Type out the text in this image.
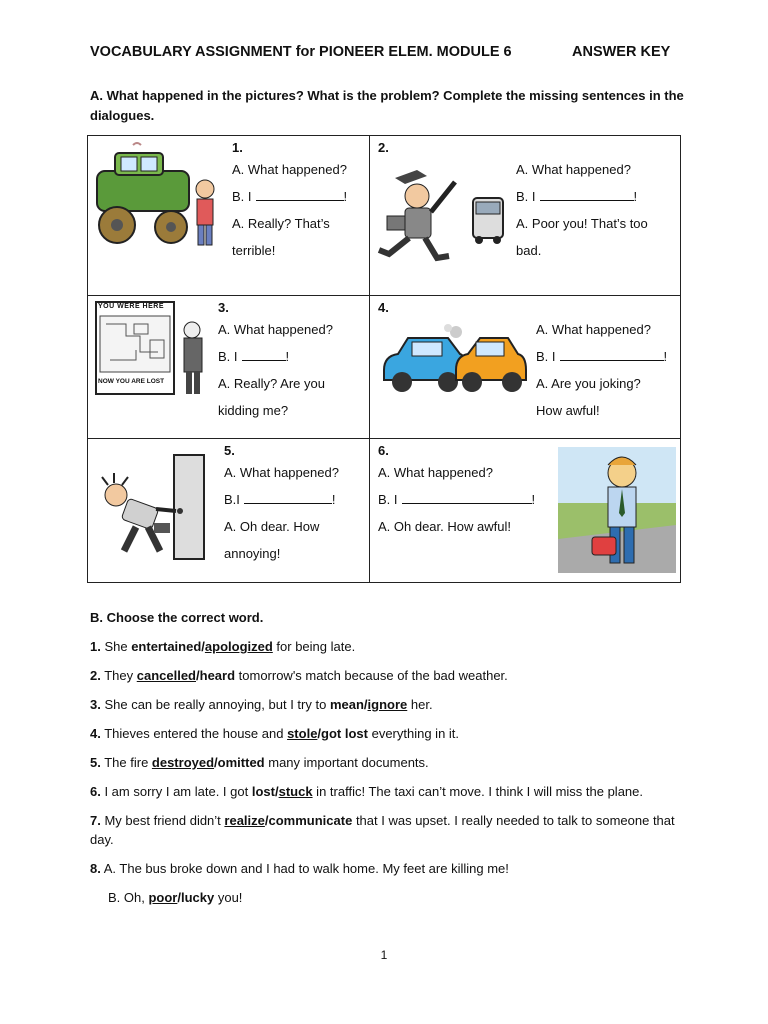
VOCABULARY ASSIGNMENT for PIONEER ELEM. MODULE 6	ANSWER KEY
A. What happened in the pictures? What is the problem? Complete the missing sentences in the dialogues.
1.
A. What happened?
B. I	!
A. Really? That’s
terrible!
2.
A. What happened?
B. I	!
A. Poor you! That’s too
bad.
YOU WERE HERE
NOW YOU ARE LOST
3.
A. What happened?
B. I	!
A. Really? Are you
kidding me?
4.
A. What happened?
B. I	!
A. Are you joking?
How awful!
5.
A. What happened?
B.I	!
A. Oh dear. How
annoying!
6.
A. What happened?
B. I	!
A. Oh dear. How awful!
B. Choose the correct word.
1. She entertained/apologized for being late.
2. They cancelled/heard tomorrow's match because of the bad weather.
3. She can be really annoying, but I try to mean/ignore her.
4. Thieves entered the house and stole/got lost everything in it.
5. The fire destroyed/omitted many important documents.
6. I am sorry I am late. I got lost/stuck in traffic! The taxi can’t move. I think I will miss the plane.
7. My best friend didn’t realize/communicate that I was upset. I really needed to talk to someone that day.
8. A. The bus broke down and I had to walk home. My feet are killing me!
B. Oh, poor/lucky you!
1
